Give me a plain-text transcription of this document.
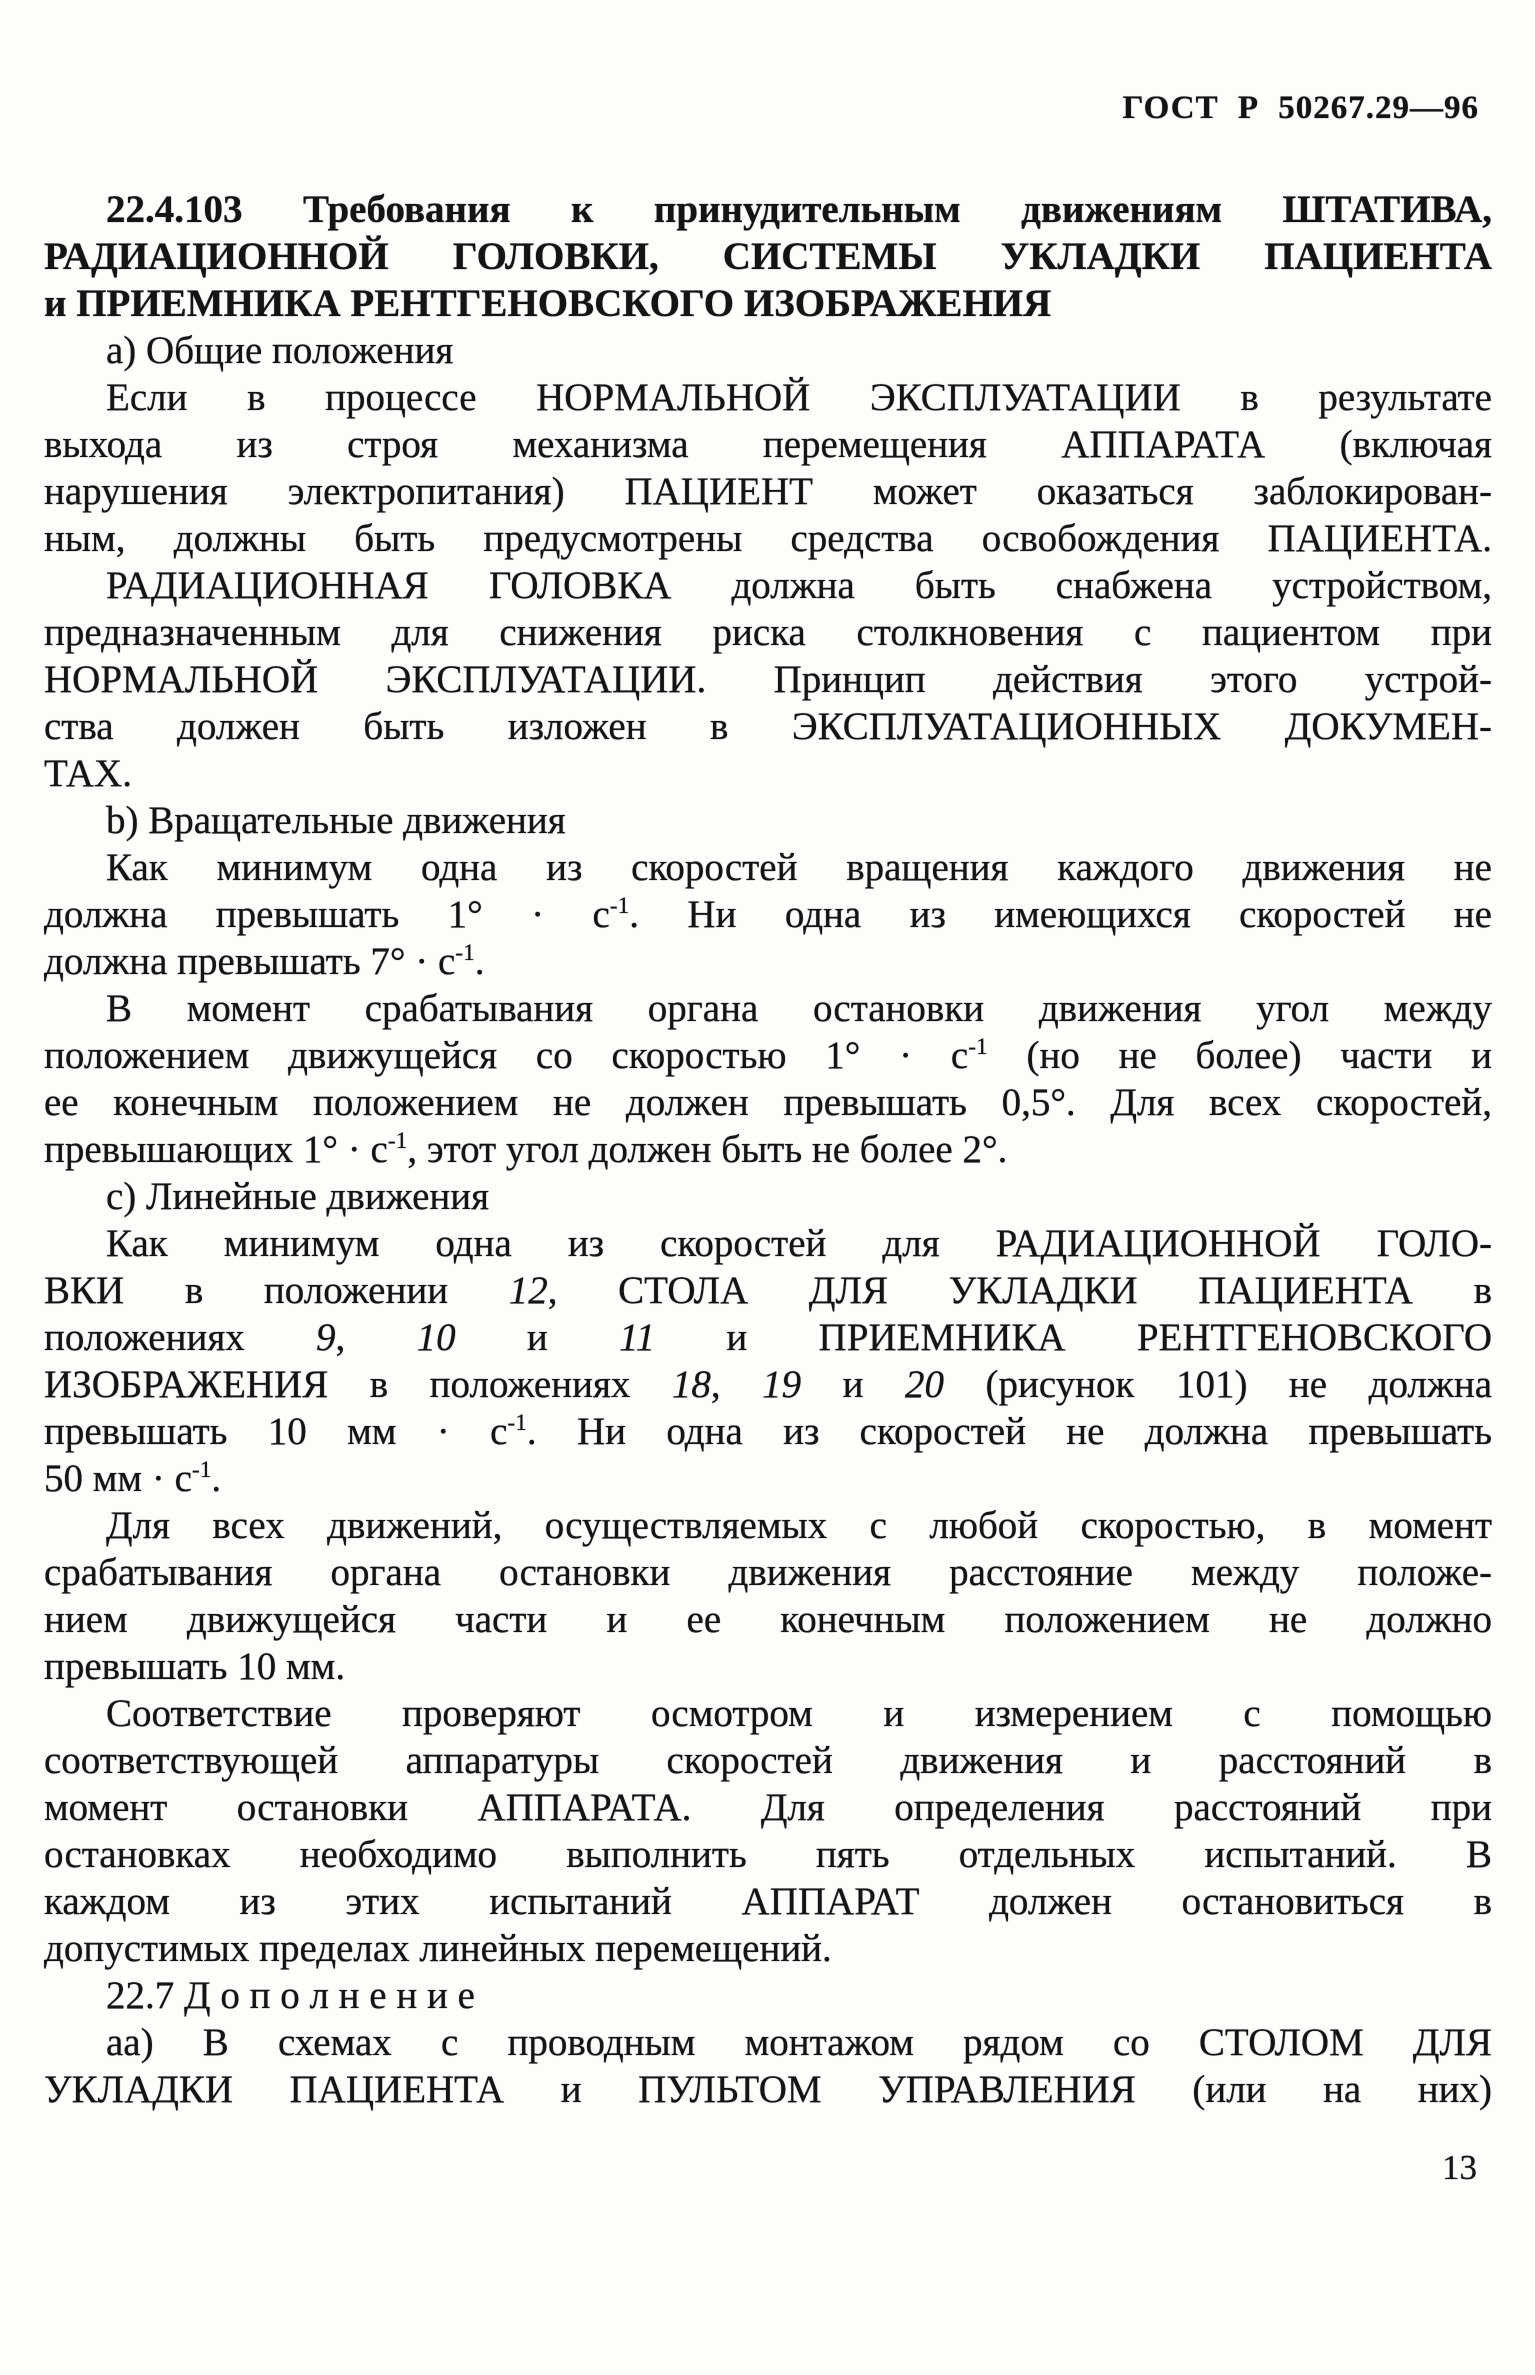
ГОСТ Р 50267.29—96
22.4.103 Требования к принудительным движениям ШТАТИВА,
РАДИАЦИОННОЙ ГОЛОВКИ, СИСТЕМЫ УКЛАДКИ ПАЦИЕНТА
и ПРИЕМНИКА РЕНТГЕНОВСКОГО ИЗОБРАЖЕНИЯ
a) Общие положения
Если в процессе НОРМАЛЬНОЙ ЭКСПЛУАТАЦИИ в результате
выхода из строя механизма перемещения АППАРАТА (включая
нарушения электропитания) ПАЦИЕНТ может оказаться заблокирован-
ным, должны быть предусмотрены средства освобождения ПАЦИЕНТА.
РАДИАЦИОННАЯ ГОЛОВКА должна быть снабжена устройством,
предназначенным для снижения риска столкновения с пациентом при
НОРМАЛЬНОЙ ЭКСПЛУАТАЦИИ. Принцип действия этого устрой-
ства должен быть изложен в ЭКСПЛУАТАЦИОННЫХ ДОКУМЕН-
ТАХ.
b) Вращательные движения
Как минимум одна из скоростей вращения каждого движения не
должна превышать $1^\circ \cdot с^{-1}$. Ни одна из имеющихся скоростей не
должна превышать $7^\circ \cdot с^{-1}$.
В момент срабатывания органа остановки движения угол между
положением движущейся со скоростью $1^\circ \cdot с^{-1}$ (но не более) части и
ее конечным положением не должен превышать 0,5°. Для всех скоростей,
превышающих $1^\circ \cdot с^{-1}$, этот угол должен быть не более 2°.
c) Линейные движения
Как минимум одна из скоростей для РАДИАЦИОННОЙ ГОЛО-
ВКИ в положении 12, СТОЛА ДЛЯ УКЛАДКИ ПАЦИЕНТА в
положениях 9, 10 и 11 и ПРИЕМНИКА РЕНТГЕНОВСКОГО
ИЗОБРАЖЕНИЯ в положениях 18, 19 и 20 (рисунок 101) не должна
превышать 10 мм · $с^{-1}$. Ни одна из скоростей не должна превышать
50 мм · $с^{-1}$.
Для всех движений, осуществляемых с любой скоростью, в момент
срабатывания органа остановки движения расстояние между положе-
нием движущейся части и ее конечным положением не должно
превышать 10 мм.
Соответствие проверяют осмотром и измерением с помощью
соответствующей аппаратуры скоростей движения и расстояний в
момент остановки АППАРАТА. Для определения расстояний при
остановках необходимо выполнить пять отдельных испытаний. В
каждом из этих испытаний АППАРАТ должен остановиться в
допустимых пределах линейных перемещений.
22.7 Д о п о л н е н и е
аа) В схемах с проводным монтажом рядом со СТОЛОМ ДЛЯ
УКЛАДКИ ПАЦИЕНТА и ПУЛЬТОМ УПРАВЛЕНИЯ (или на них)
13
